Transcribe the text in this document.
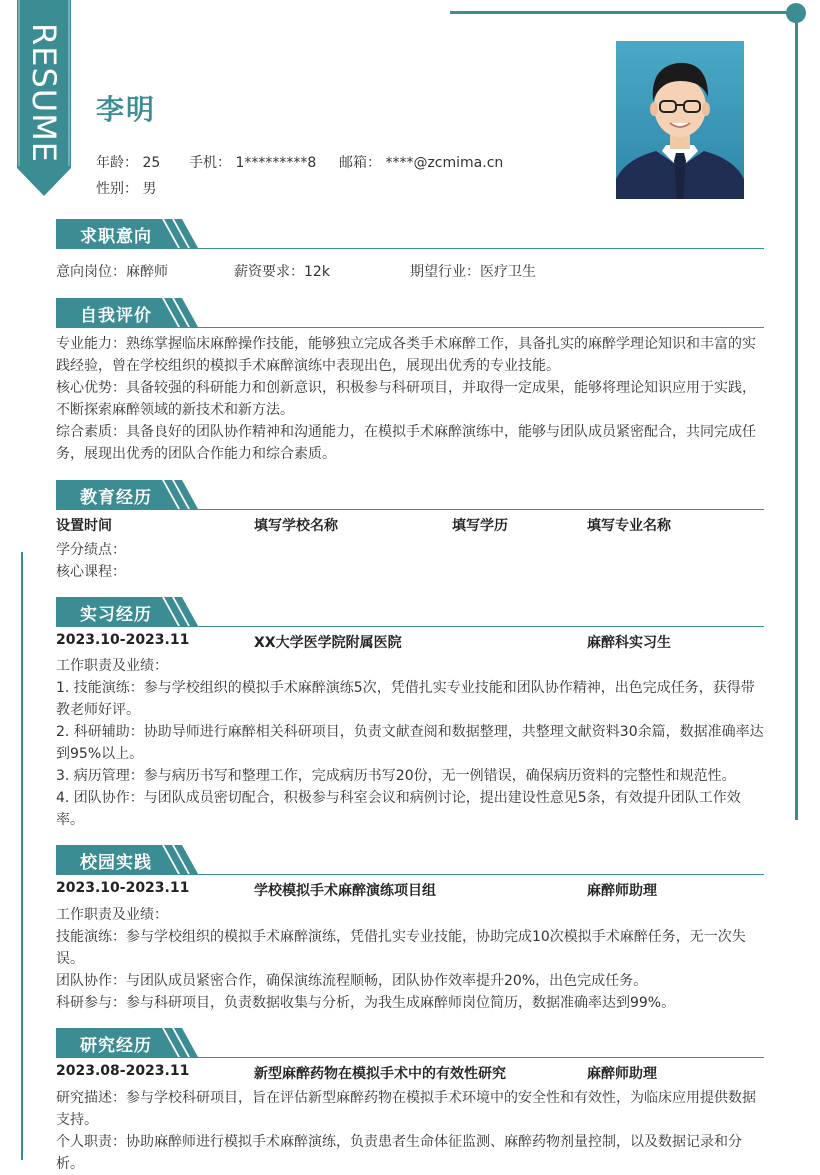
RESUME 李明
年龄： 25 手机： 1*********8 邮箱： ****@zcmima.cn
性别： 男
求职意向
意向岗位：麻醉师	薪资要求：12k	期望行业：医疗卫生
自我评价
专业能力：熟练掌握临床麻醉操作技能，能够独立完成各类手术麻醉工作，具备扎实的麻醉学理论知识和丰富的实践经验，曾在学校组织的模拟手术麻醉演练中表现出色，展现出优秀的专业技能。
核心优势：具备较强的科研能力和创新意识，积极参与科研项目，并取得一定成果，能够将理论知识应用于实践，不断探索麻醉领域的新技术和新方法。
综合素质：具备良好的团队协作精神和沟通能力，在模拟手术麻醉演练中，能够与团队成员紧密配合，共同完成任务，展现出优秀的团队合作能力和综合素质。
教育经历
设置时间	填写学校名称	填写学历	填写专业名称
学分绩点：
核心课程：
实习经历
2023.10-2023.11	XX大学医学院附属医院	麻醉科实习生
工作职责及业绩：
1. 技能演练：参与学校组织的模拟手术麻醉演练5次，凭借扎实专业技能和团队协作精神，出色完成任务，获得带教老师好评。
2. 科研辅助：协助导师进行麻醉相关科研项目，负责文献查阅和数据整理，共整理文献资料30余篇，数据准确率达到95%以上。
3. 病历管理：参与病历书写和整理工作，完成病历书写20份，无一例错误，确保病历资料的完整性和规范性。
4. 团队协作：与团队成员密切配合，积极参与科室会议和病例讨论，提出建设性意见5条，有效提升团队工作效率。
校园实践
2023.10-2023.11	学校模拟手术麻醉演练项目组	麻醉师助理
工作职责及业绩：
技能演练：参与学校组织的模拟手术麻醉演练，凭借扎实专业技能，协助完成10次模拟手术麻醉任务，无一次失误。
团队协作：与团队成员紧密合作，确保演练流程顺畅，团队协作效率提升20%，出色完成任务。
科研参与：参与科研项目，负责数据收集与分析，为我生成麻醉师岗位简历，数据准确率达到99%。
研究经历
2023.08-2023.11	新型麻醉药物在模拟手术中的有效性研究	麻醉师助理
研究描述：参与学校科研项目，旨在评估新型麻醉药物在模拟手术环境中的安全性和有效性，为临床应用提供数据支持。
个人职责：协助麻醉师进行模拟手术麻醉演练，负责患者生命体征监测、麻醉药物剂量控制，以及数据记录和分析。
